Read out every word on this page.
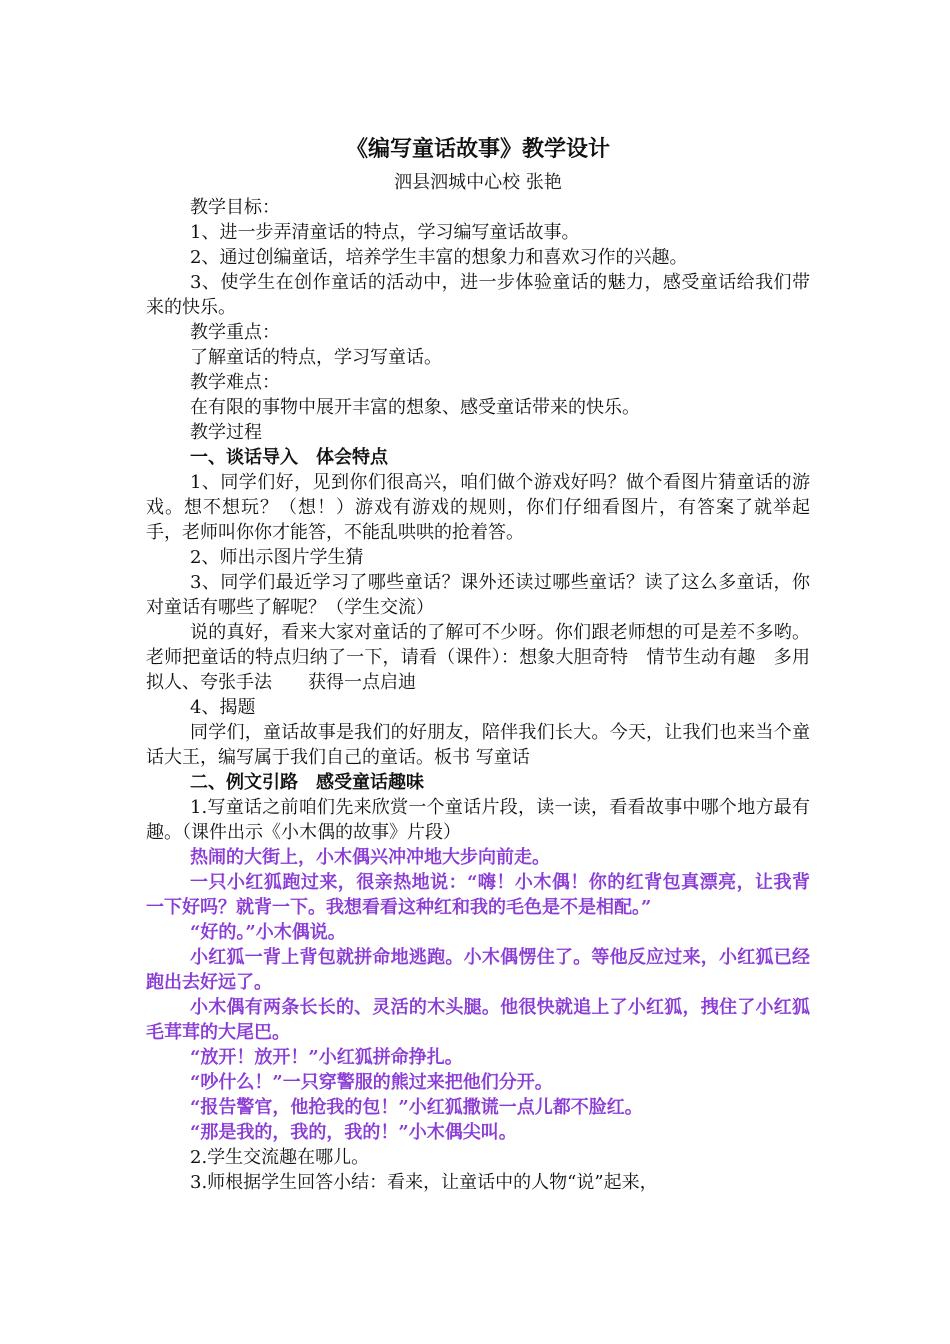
《编写童话故事》教学设计
泗县泗城中心校 张艳

教学目标：

1、进一步弄清童话的特点，学习编写童话故事。

2、通过创编童话，培养学生丰富的想象力和喜欢习作的兴趣。

3、使学生在创作童话的活动中，进一步体验童话的魅力，感受童话给我们带来的快乐。

教学重点：

了解童话的特点，学习写童话。

教学难点：

在有限的事物中展开丰富的想象、感受童话带来的快乐。

教学过程

一、谈话导入　体会特点

1、同学们好，见到你们很高兴，咱们做个游戏好吗？做个看图片猜童话的游戏。想不想玩？（想！）游戏有游戏的规则，你们仔细看图片，有答案了就举起手，老师叫你你才能答，不能乱哄哄的抢着答。

2、师出示图片学生猜

3、同学们最近学习了哪些童话？课外还读过哪些童话？读了这么多童话，你对童话有哪些了解呢？（学生交流）

说的真好，看来大家对童话的了解可不少呀。你们跟老师想的可是差不多哟。老师把童话的特点归纳了一下，请看（课件）：想象大胆奇特　情节生动有趣　多用拟人、夸张手法　　获得一点启迪

4、揭题

同学们，童话故事是我们的好朋友，陪伴我们长大。今天，让我们也来当个童话大王，编写属于我们自己的童话。板书 写童话

二、例文引路　感受童话趣味

1.写童话之前咱们先来欣赏一个童话片段，读一读，看看故事中哪个地方最有趣。（课件出示《小木偶的故事》片段）

热闹的大街上，小木偶兴冲冲地大步向前走。

一只小红狐跑过来，很亲热地说：“嗨！小木偶！你的红背包真漂亮，让我背一下好吗？就背一下。我想看看这种红和我的毛色是不是相配。”

“好的。”小木偶说。

小红狐一背上背包就拼命地逃跑。小木偶愣住了。等他反应过来，小红狐已经跑出去好远了。

小木偶有两条长长的、灵活的木头腿。他很快就追上了小红狐，拽住了小红狐毛茸茸的大尾巴。

“放开！放开！”小红狐拼命挣扎。

“吵什么！”一只穿警服的熊过来把他们分开。

“报告警官，他抢我的包！”小红狐撒谎一点儿都不脸红。

“那是我的，我的，我的！”小木偶尖叫。

2.学生交流趣在哪儿。

3.师根据学生回答小结：看来，让童话中的人物“说”起来，
